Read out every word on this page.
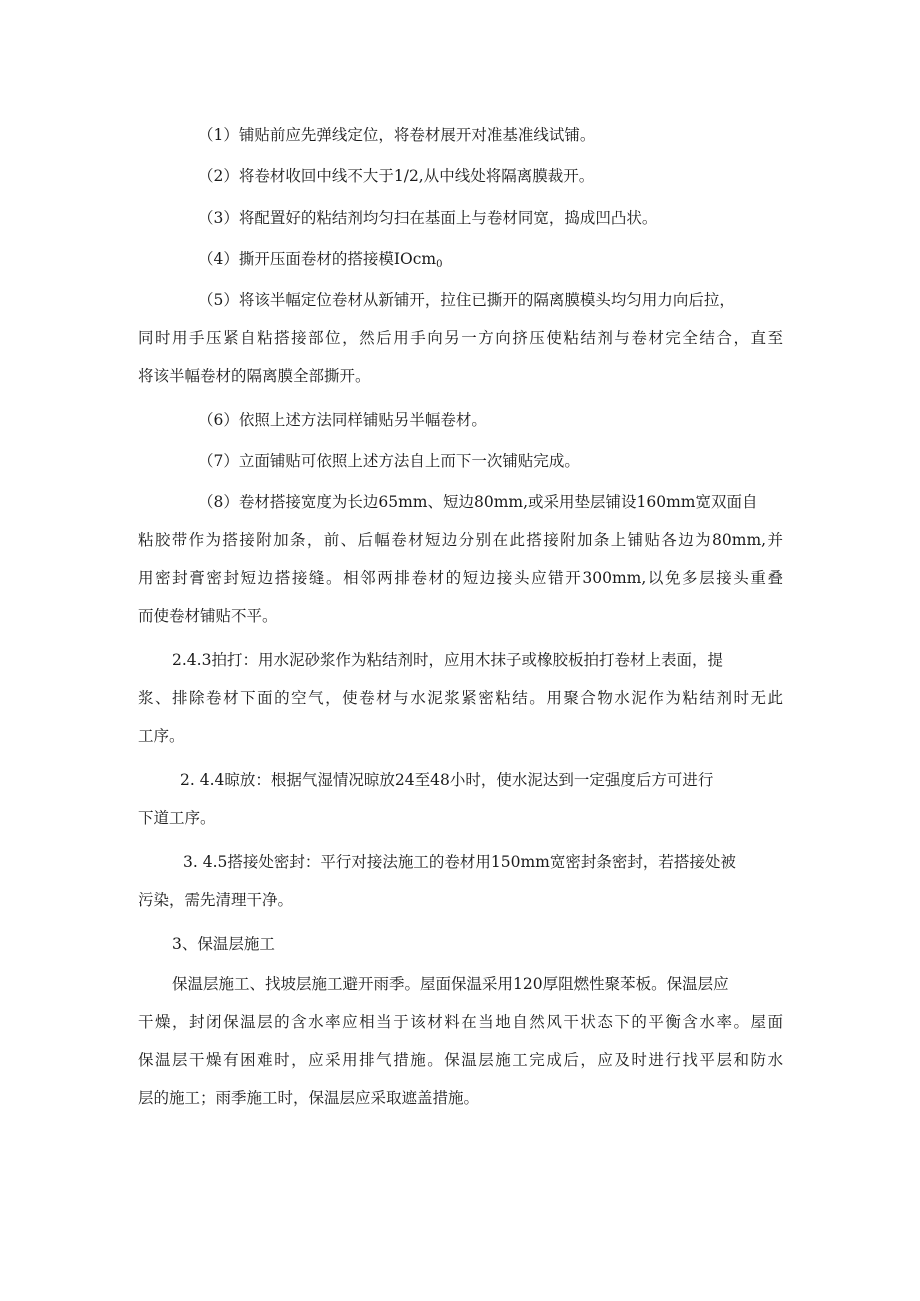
（1）铺贴前应先弹线定位，将卷材展开对准基准线试铺。
（2）将卷材收回中线不大于1/2,从中线处将隔离膜裁开。
（3）将配置好的粘结剂均匀扫在基面上与卷材同宽，捣成凹凸状。
（4）撕开压面卷材的搭接模IOcm$_0$
（5）将该半幅定位卷材从新铺开，拉住已撕开的隔离膜模头均匀用力向后拉，
同时用手压紧自粘搭接部位，然后用手向另一方向挤压使粘结剂与卷材完全结合，直至
将该半幅卷材的隔离膜全部撕开。
（6）依照上述方法同样铺贴另半幅卷材。
（7）立面铺贴可依照上述方法自上而下一次铺贴完成。
（8）卷材搭接宽度为长边65mm、短边80mm,或采用垫层铺设160mm宽双面自
粘胶带作为搭接附加条，前、后幅卷材短边分别在此搭接附加条上铺贴各边为80mm,并
用密封膏密封短边搭接缝。相邻两排卷材的短边接头应错开300mm,以免多层接头重叠
而使卷材铺贴不平。
2.4.3拍打：用水泥砂浆作为粘结剂时，应用木抹子或橡胶板拍打卷材上表面，提
浆、排除卷材下面的空气，使卷材与水泥浆紧密粘结。用聚合物水泥作为粘结剂时无此
工序。
2. 4.4晾放：根据气湿情况晾放24至48小时，使水泥达到一定强度后方可进行
下道工序。
3. 4.5搭接处密封：平行对接法施工的卷材用150mm宽密封条密封，若搭接处被
污染，需先清理干净。
3、保温层施工
保温层施工、找坡层施工避开雨季。屋面保温采用120厚阻燃性聚苯板。保温层应
干燥，封闭保温层的含水率应相当于该材料在当地自然风干状态下的平衡含水率。屋面
保温层干燥有困难时，应采用排气措施。保温层施工完成后，应及时进行找平层和防水
层的施工；雨季施工时，保温层应采取遮盖措施。
